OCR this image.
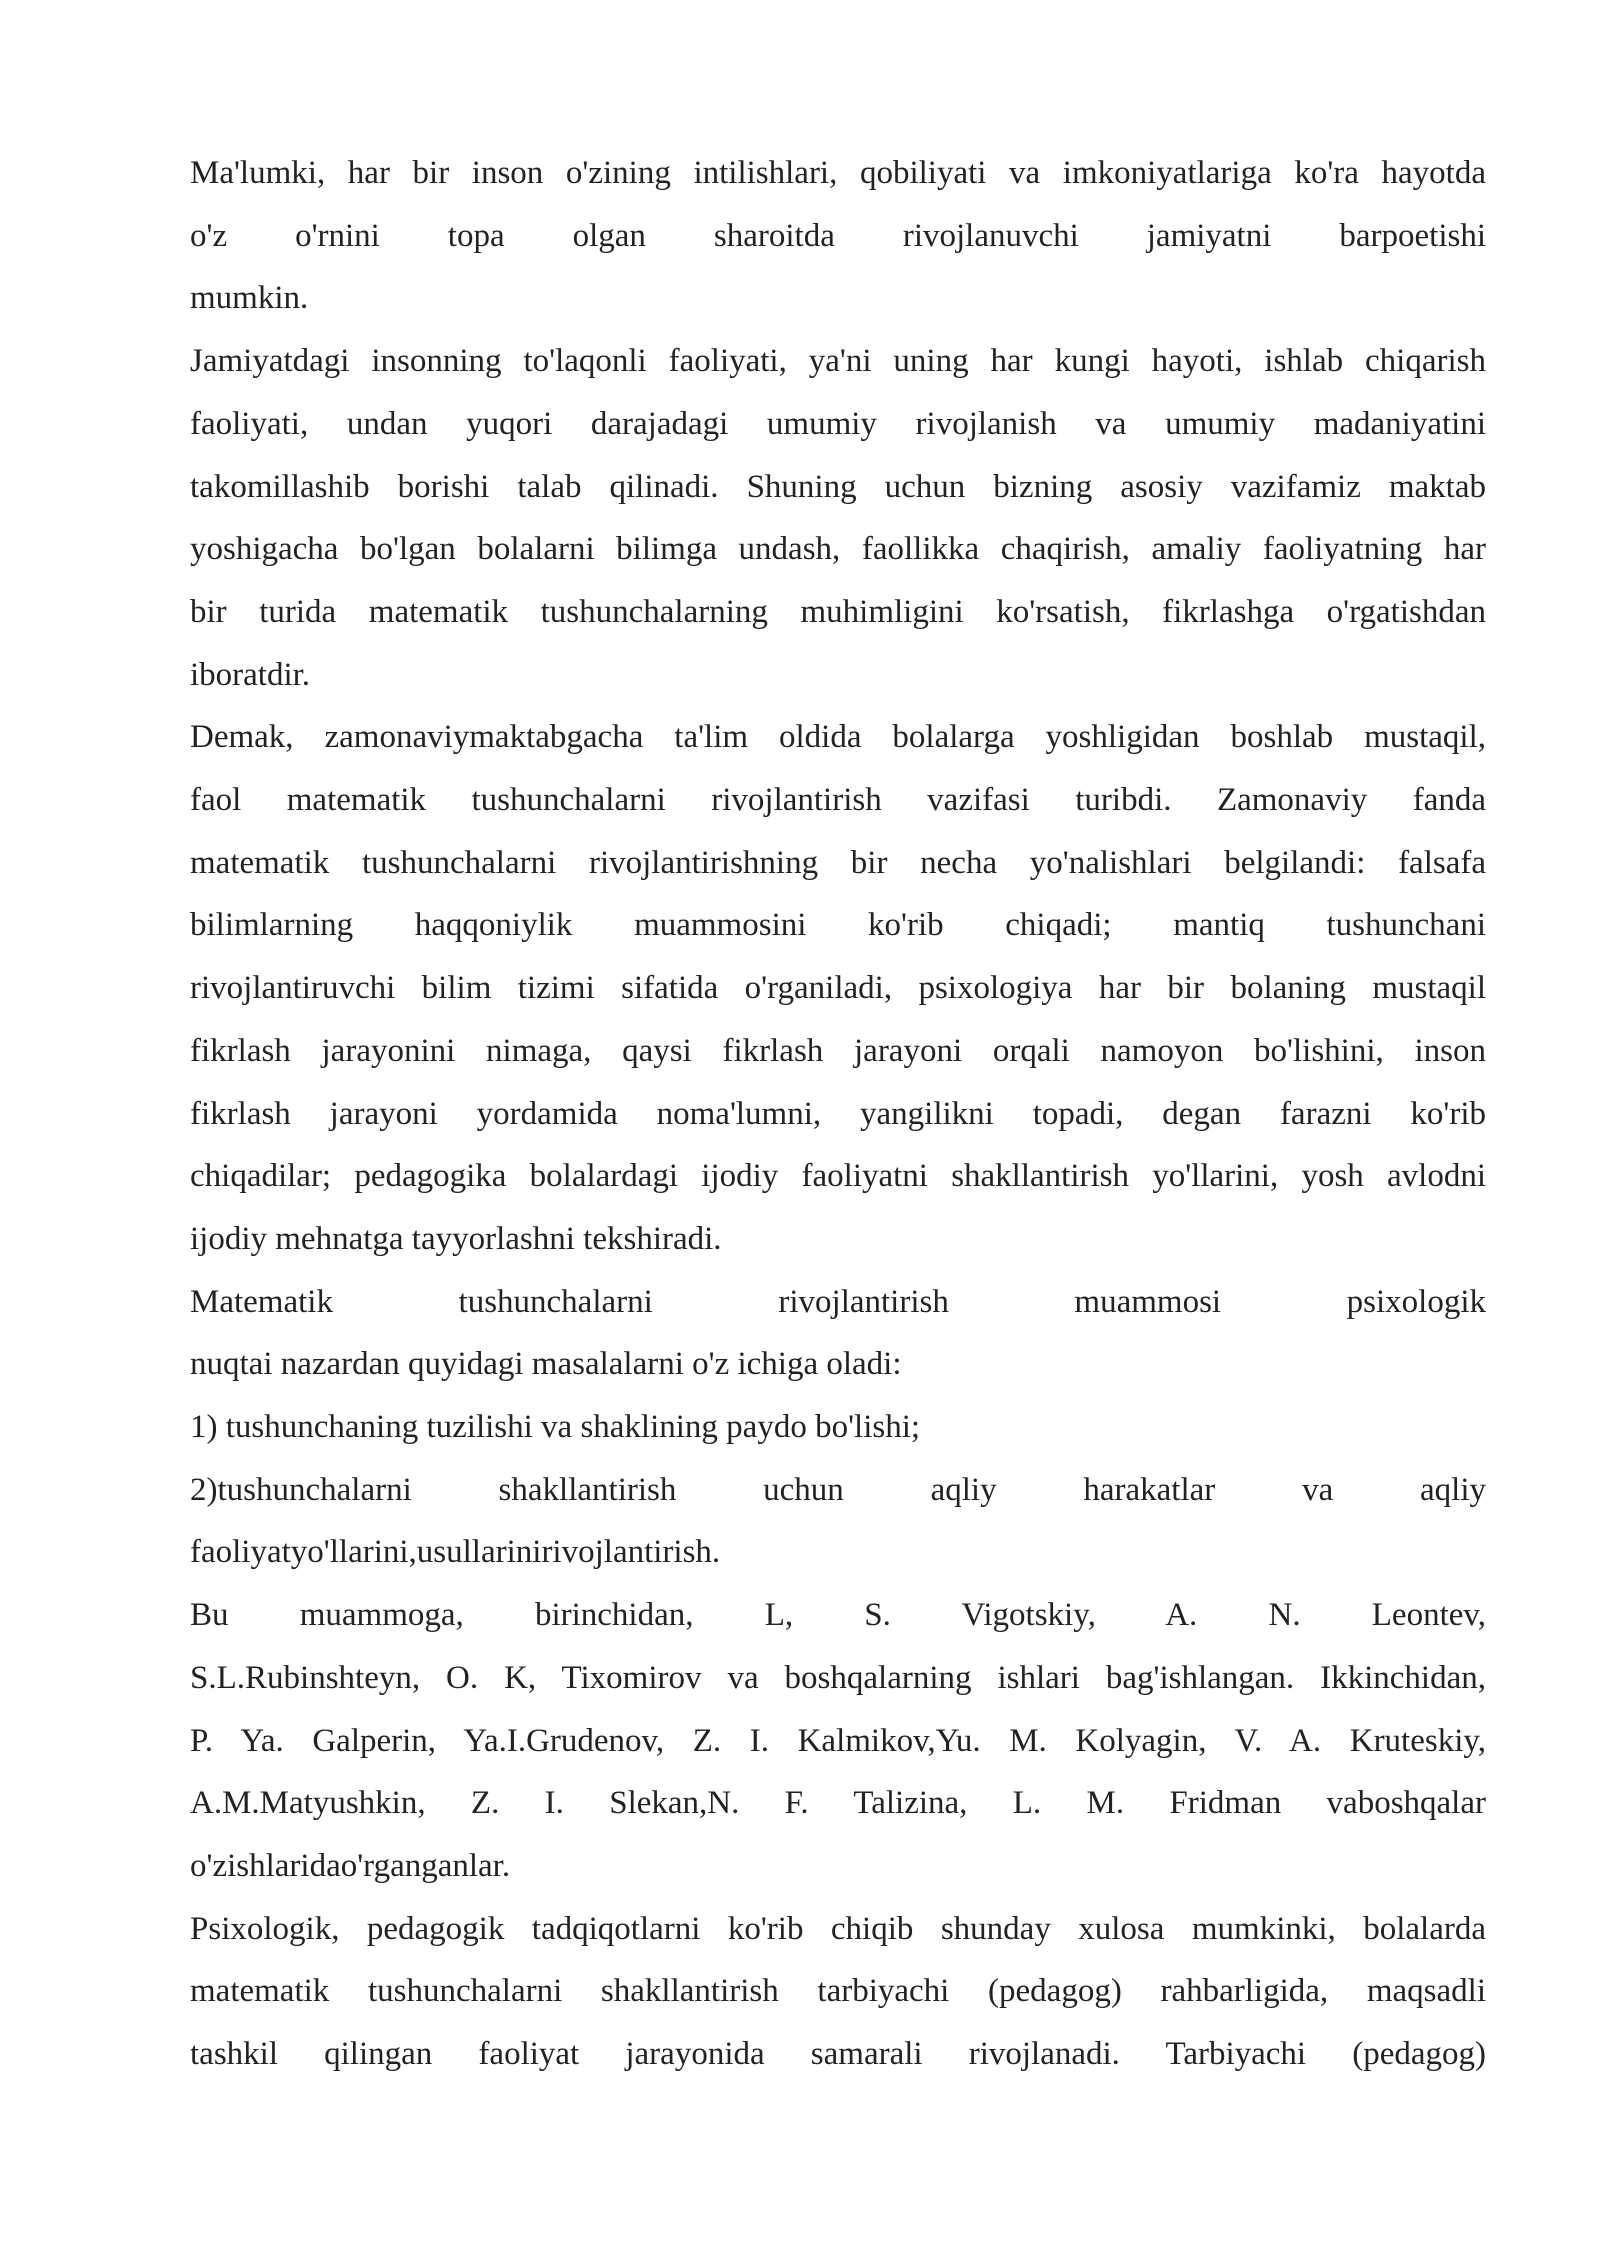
Ma'lumki, har bir inson o'zining intilishlari, qobiliyati va imkoniyatlariga ko'ra hayotda
o'z o'rnini topa olgan sharoitda rivojlanuvchi jamiyatni barpoetishi
mumkin.

Jamiyatdagi insonning to'laqonli faoliyati, ya'ni uning har kungi hayoti, ishlab chiqarish
faoliyati, undan yuqori darajadagi umumiy rivojlanish va umumiy madaniyatini
takomillashib borishi talab qilinadi. Shuning uchun bizning asosiy vazifamiz maktab
yoshigacha bo'lgan bolalarni bilimga undash, faollikka chaqirish, amaliy faoliyatning har
bir turida matematik tushunchalarning muhimligini ko'rsatish, fikrlashga o'rgatishdan
iboratdir.

Demak, zamonaviymaktabgacha ta'lim oldida bolalarga yoshligidan boshlab mustaqil,
faol matematik tushunchalarni rivojlantirish vazifasi turibdi. Zamonaviy fanda
matematik tushunchalarni rivojlantirishning bir necha yo'nalishlari belgilandi: falsafa
bilimlarning haqqoniylik muammosini ko'rib chiqadi; mantiq tushunchani
rivojlantiruvchi bilim tizimi sifatida o'rganiladi, psixologiya har bir bolaning mustaqil
fikrlash jarayonini nimaga, qaysi fikrlash jarayoni orqali namoyon bo'lishini, inson
fikrlash jarayoni yordamida noma'lumni, yangilikni topadi, degan farazni ko'rib
chiqadilar; pedagogika bolalardagi ijodiy faoliyatni shakllantirish yo'llarini, yosh avlodni
ijodiy mehnatga tayyorlashni tekshiradi.

Matematik tushunchalarni rivojlantirish muammosi psixologik
nuqtai nazardan quyidagi masalalarni o'z ichiga oladi:

1) tushunchaning tuzilishi va shaklining paydo bo'lishi;

2)tushunchalarni shakllantirish uchun aqliy harakatlar va aqliy
faoliyatyo'llarini,usullarinirivojlantirish.

Bu muammoga, birinchidan, L, S. Vigotskiy, A. N. Leontev,
S.L.Rubinshteyn, O. K, Tixomirov va boshqalarning ishlari bag'ishlangan. Ikkinchidan,
P. Ya. Galperin, Ya.I.Grudenov, Z. I. Kalmikov,Yu. M. Kolyagin, V. A. Kruteskiy,
A.M.Matyushkin, Z. I. Slekan,N. F. Talizina, L. M. Fridman vaboshqalar
o'zishlaridao'rganganlar.

Psixologik, pedagogik tadqiqotlarni ko'rib chiqib shunday xulosa mumkinki, bolalarda
matematik tushunchalarni shakllantirish tarbiyachi (pedagog) rahbarligida, maqsadli
tashkil qilingan faoliyat jarayonida samarali rivojlanadi. Tarbiyachi (pedagog)
